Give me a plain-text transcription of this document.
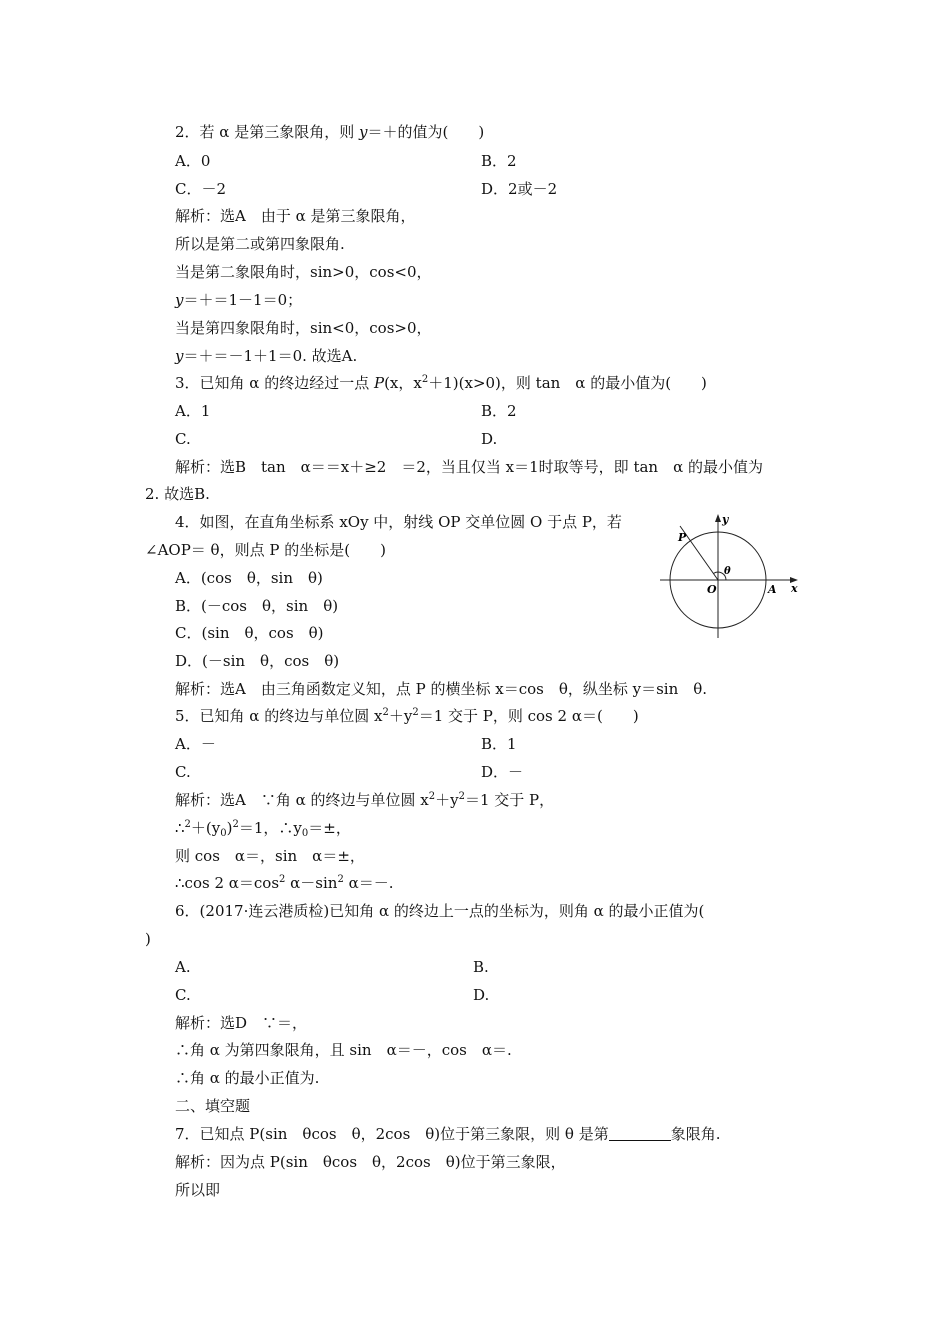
2．若 α 是第三象限角，则 y＝＋的值为(　　)
A．0	B．2
C．－2	D．2或－2
解析：选A　由于 α 是第三象限角，
所以是第二或第四象限角.
当是第二象限角时，sin>0，cos<0，
y＝＋＝1－1＝0；
当是第四象限角时，sin<0，cos>0，
y＝＋＝－1＋1＝0. 故选A.
3．已知角 α 的终边经过一点 P(x，$x^2+1)(x>0)$，则 tan　α 的最小值为(　　)
A．1	B．2
C.	D.
解析：选B　tan　α＝＝x＋≥2　＝2，当且仅当 x＝1时取等号，即 tan　α 的最小值为
2. 故选B.
4．如图，在直角坐标系 xOy 中，射线 OP 交单位圆 O 于点 P，若
∠AOP＝ θ，则点 P 的坐标是(　　)
A．(cos　θ，sin　θ)
B．(－cos　θ，sin　θ)
C．(sin　θ，cos　θ)
D．(－sin　θ，cos　θ)
解析：选A　由三角函数定义知，点 P 的横坐标 x＝cos　θ，纵坐标 y＝sin　θ.
y
x
P
O	A
θ
5．已知角 α 的终边与单位圆 $x^2+y^2=1$ 交于 P，则 cos 2 α＝(　　)
A．－	B．1
C.	D．－
解析：选A　∵角 α 的终边与单位圆 $x^2+y^2=1$ 交于 P，
$\therefore^2+(y_0)^2=1$，$\therefore y_0=\pm$，
则 cos　α＝，sin　α＝±，
∴cos 2 $\alpha=\cos^2$ $\alpha-\sin^2$ α＝－.
6．(2017·连云港质检)已知角 α 的终边上一点的坐标为，则角 α 的最小正值为(
)
A.	B.
C.	D.
解析：选D　∵＝，
∴角 α 为第四象限角，且 sin　α＝－，cos　α＝.
∴角 α 的最小正值为.
二、填空题
7．已知点 P(sin　θcos　θ，2cos　θ)位于第三象限，则 θ 是第	象限角.
解析：因为点 P(sin　θcos　θ，2cos　θ)位于第三象限，
所以即
